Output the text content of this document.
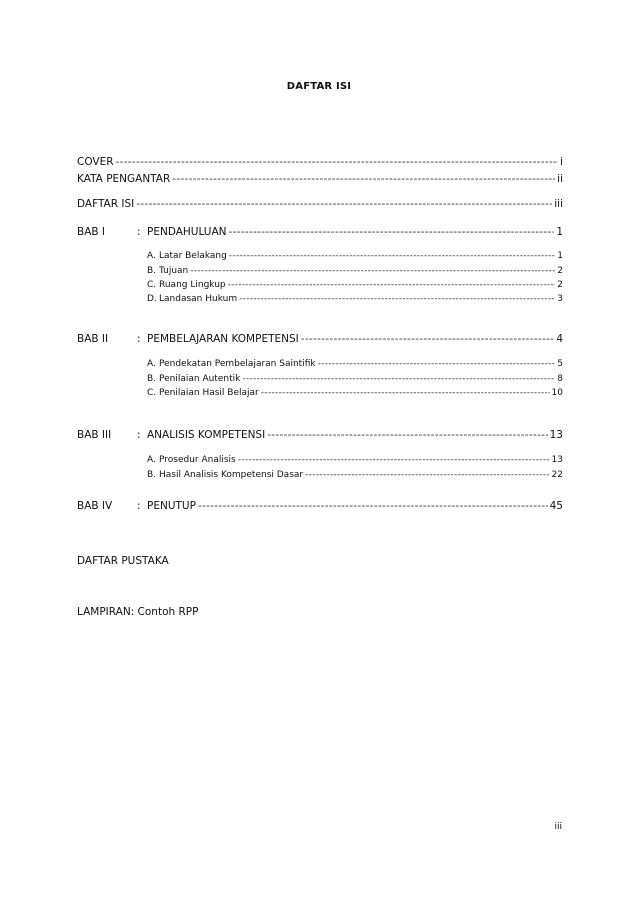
DAFTAR ISI
COVER -----	i
KATA PENGANTAR -----	ii
DAFTAR ISI -----	iii
BAB I	: PENDAHULUAN -----	1
A. Latar Belakang -----	1
B. Tujuan -----	2
C. Ruang Lingkup -----	2
D. Landasan Hukum -----	3
BAB II	: PEMBELAJARAN KOMPETENSI -----	4
A. Pendekatan Pembelajaran Saintifik -----	5
B. Penilaian Autentik -----	8
C. Penilaian Hasil Belajar -----	10
BAB III	: ANALISIS KOMPETENSI -----	13
A. Prosedur Analisis -----	13
B. Hasil Analisis Kompetensi Dasar -----	22
BAB IV	: PENUTUP -----	45
DAFTAR PUSTAKA
LAMPIRAN: Contoh RPP
iii
